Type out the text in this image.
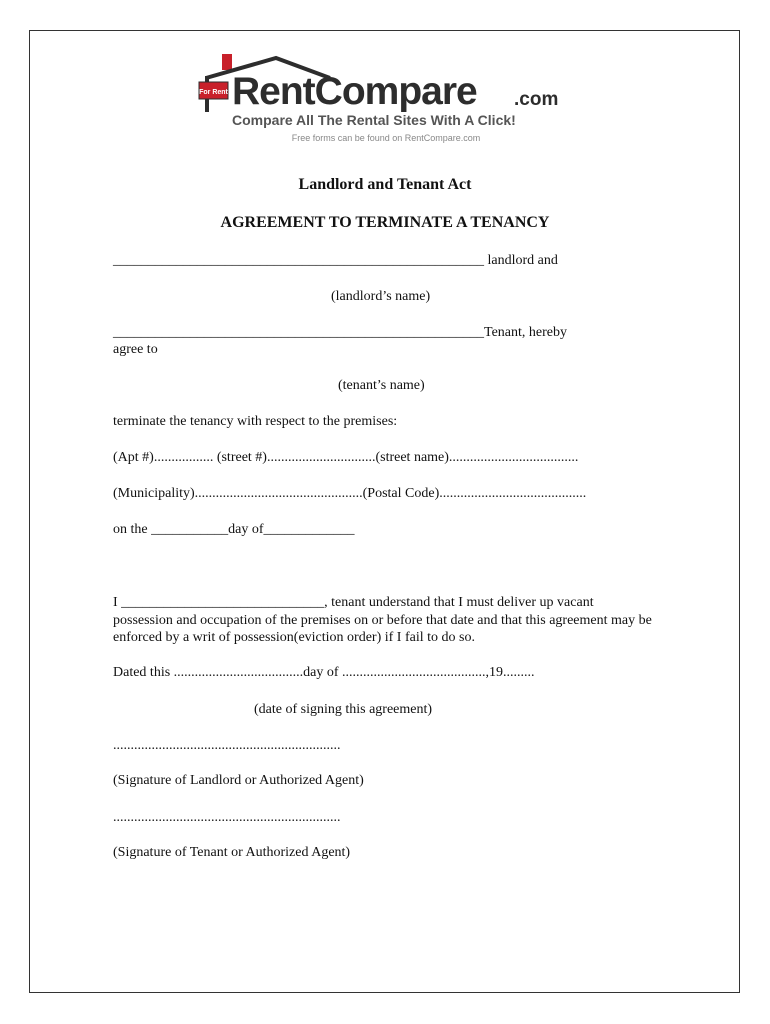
For Rent RentCompare .com
Compare All The Rental Sites With A Click!
Free forms can be found on RentCompare.com
Landlord and Tenant Act
AGREEMENT TO TERMINATE A TENANCY
_____________________________________________________ landlord and
(landlord’s name)
_____________________________________________________Tenant, hereby
agree to
(tenant’s name)
terminate the tenancy with respect to the premises:
(Apt #)................. (street #)...............................(street name).....................................
(Municipality)................................................(Postal Code)..........................................
on the ___________day of_____________
I _____________________________, tenant understand that I must deliver up vacant possession and occupation of the premises on or before that date and that this agreement may be enforced by a writ of possession(eviction order) if I fail to do so.
Dated this .....................................day of .........................................,19.........
(date of signing this agreement)
.................................................................
(Signature of Landlord or Authorized Agent)
.................................................................
(Signature of Tenant or Authorized Agent)
